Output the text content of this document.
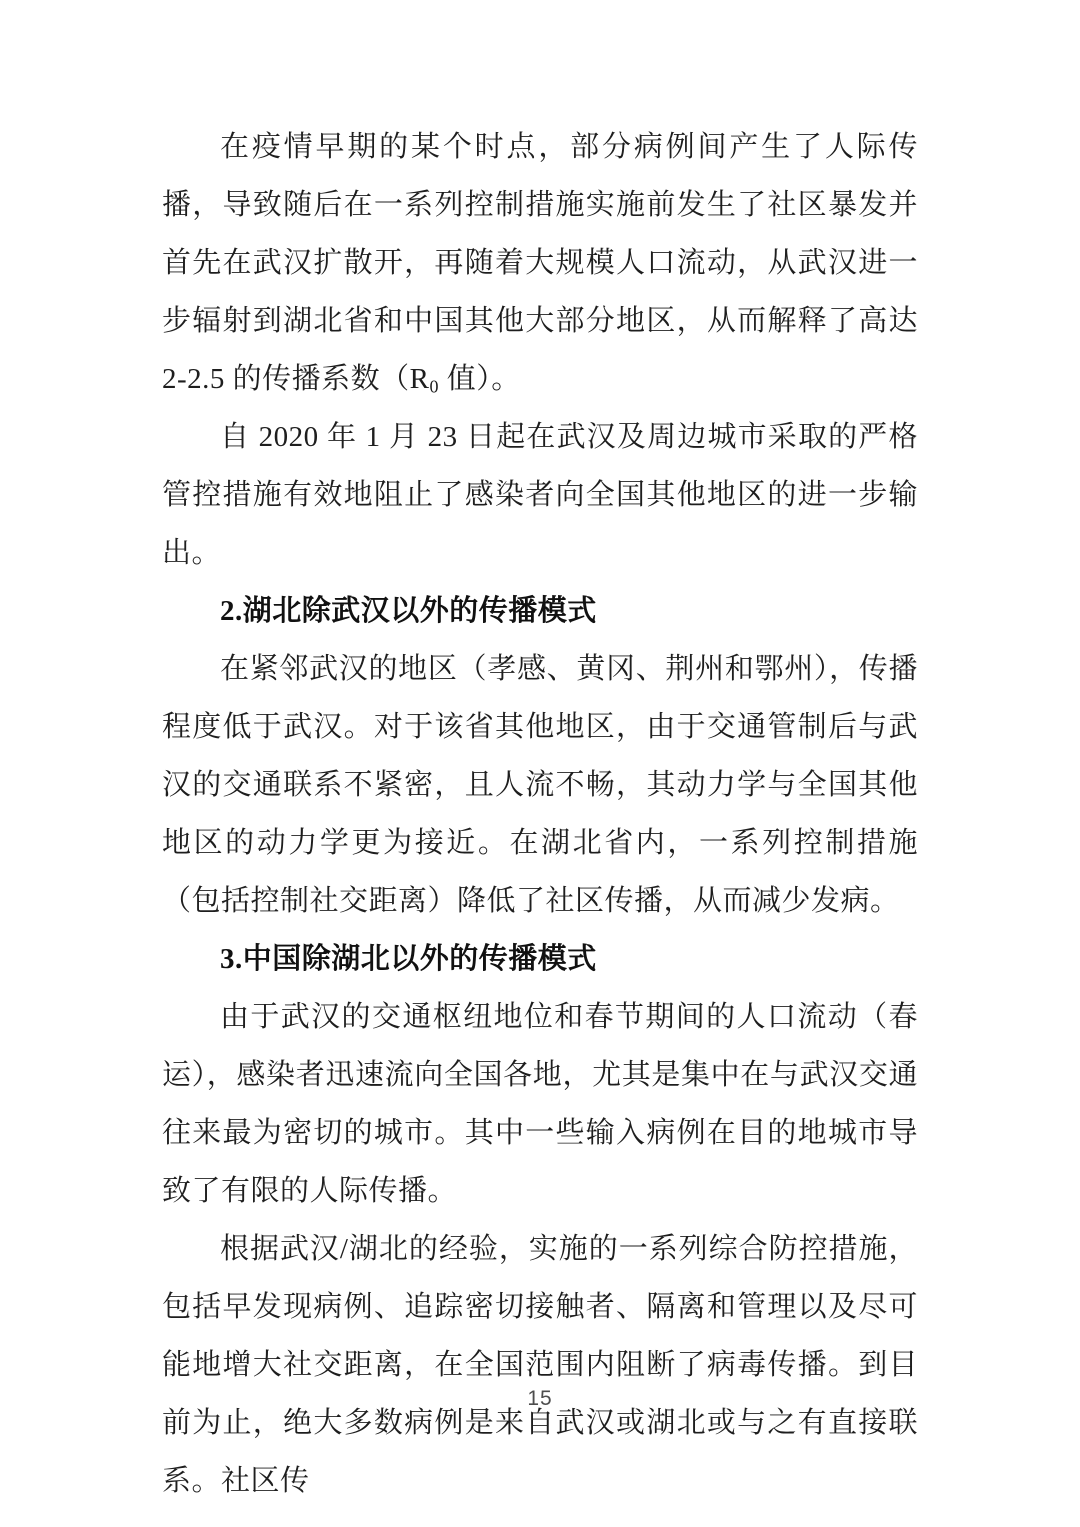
在疫情早期的某个时点，部分病例间产生了人际传播，导致随后在一系列控制措施实施前发生了社区暴发并首先在武汉扩散开，再随着大规模人口流动，从武汉进一步辐射到湖北省和中国其他大部分地区，从而解释了高达 2-2.5 的传播系数（$R_0$ 值）。

自 2020 年 1 月 23 日起在武汉及周边城市采取的严格管控措施有效地阻止了感染者向全国其他地区的进一步输出。

2.湖北除武汉以外的传播模式

在紧邻武汉的地区（孝感、黄冈、荆州和鄂州），传播程度低于武汉。对于该省其他地区，由于交通管制后与武汉的交通联系不紧密，且人流不畅，其动力学与全国其他地区的动力学更为接近。在湖北省内，一系列控制措施（包括控制社交距离）降低了社区传播，从而减少发病。

3.中国除湖北以外的传播模式

由于武汉的交通枢纽地位和春节期间的人口流动（春运），感染者迅速流向全国各地，尤其是集中在与武汉交通往来最为密切的城市。其中一些输入病例在目的地城市导致了有限的人际传播。

根据武汉/湖北的经验，实施的一系列综合防控措施，包括早发现病例、追踪密切接触者、隔离和管理以及尽可能地增大社交距离，在全国范围内阻断了病毒传播。到目前为止，绝大多数病例是来自武汉或湖北或与之有直接联系。社区传

15
